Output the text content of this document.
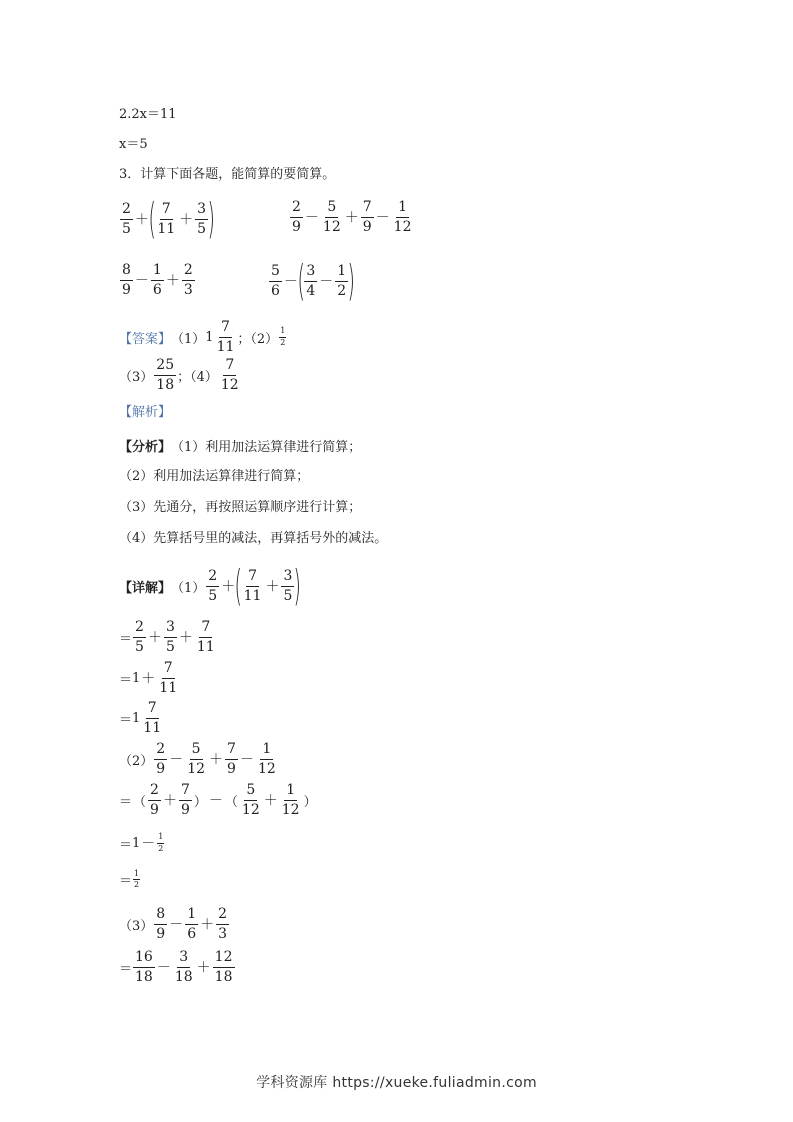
2.2x＝11
x＝5
3．计算下面各题，能简算的要简算。
$\frac{2}{5}$ ＋ ( $\frac{7}{11} + \frac{3}{5}$ )	$\frac{2}{9} - \frac{5}{12} + \frac{7}{9} - \frac{1}{12}$
$\frac{8}{9} - \frac{1}{6} + \frac{2}{3}$	$\frac{5}{6}$ － ( $\frac{3}{4} - \frac{1}{2}$ )
【答案】 （1） $1 \frac{7}{11}$ ；$(2) \frac{1}{2}$
$(3) \frac{25}{18}$ ；$(4) \frac{7}{12}$
【解析】
【分析】 （1）利用加法运算律进行简算；
（2）利用加法运算律进行简算；
（3）先通分，再按照运算顺序进行计算；
（4）先算括号里的减法，再算括号外的减法。
【详解】 $(1) \frac{2}{5}$ ＋ ( $\frac{7}{11} + \frac{3}{5}$ )
＝ $\frac{2}{5} + \frac{3}{5} + \frac{7}{11}$
＝ $1 + \frac{7}{11}$
＝ $1 \frac{7}{11}$
$(2) \frac{2}{9} - \frac{5}{12} + \frac{7}{9} - \frac{1}{12}$
＝ （ $\frac{2}{9} + \frac{7}{9}$ ） － （ $\frac{5}{12} + \frac{1}{12}$ ）
＝ $1 - \frac{1}{2}$
＝ $\frac{1}{2}$
$(3) \frac{8}{9} - \frac{1}{6} + \frac{2}{3}$
＝ $\frac{16}{18} - \frac{3}{18} + \frac{12}{18}$
学科资源库 https://xueke.fuliadmin.com
